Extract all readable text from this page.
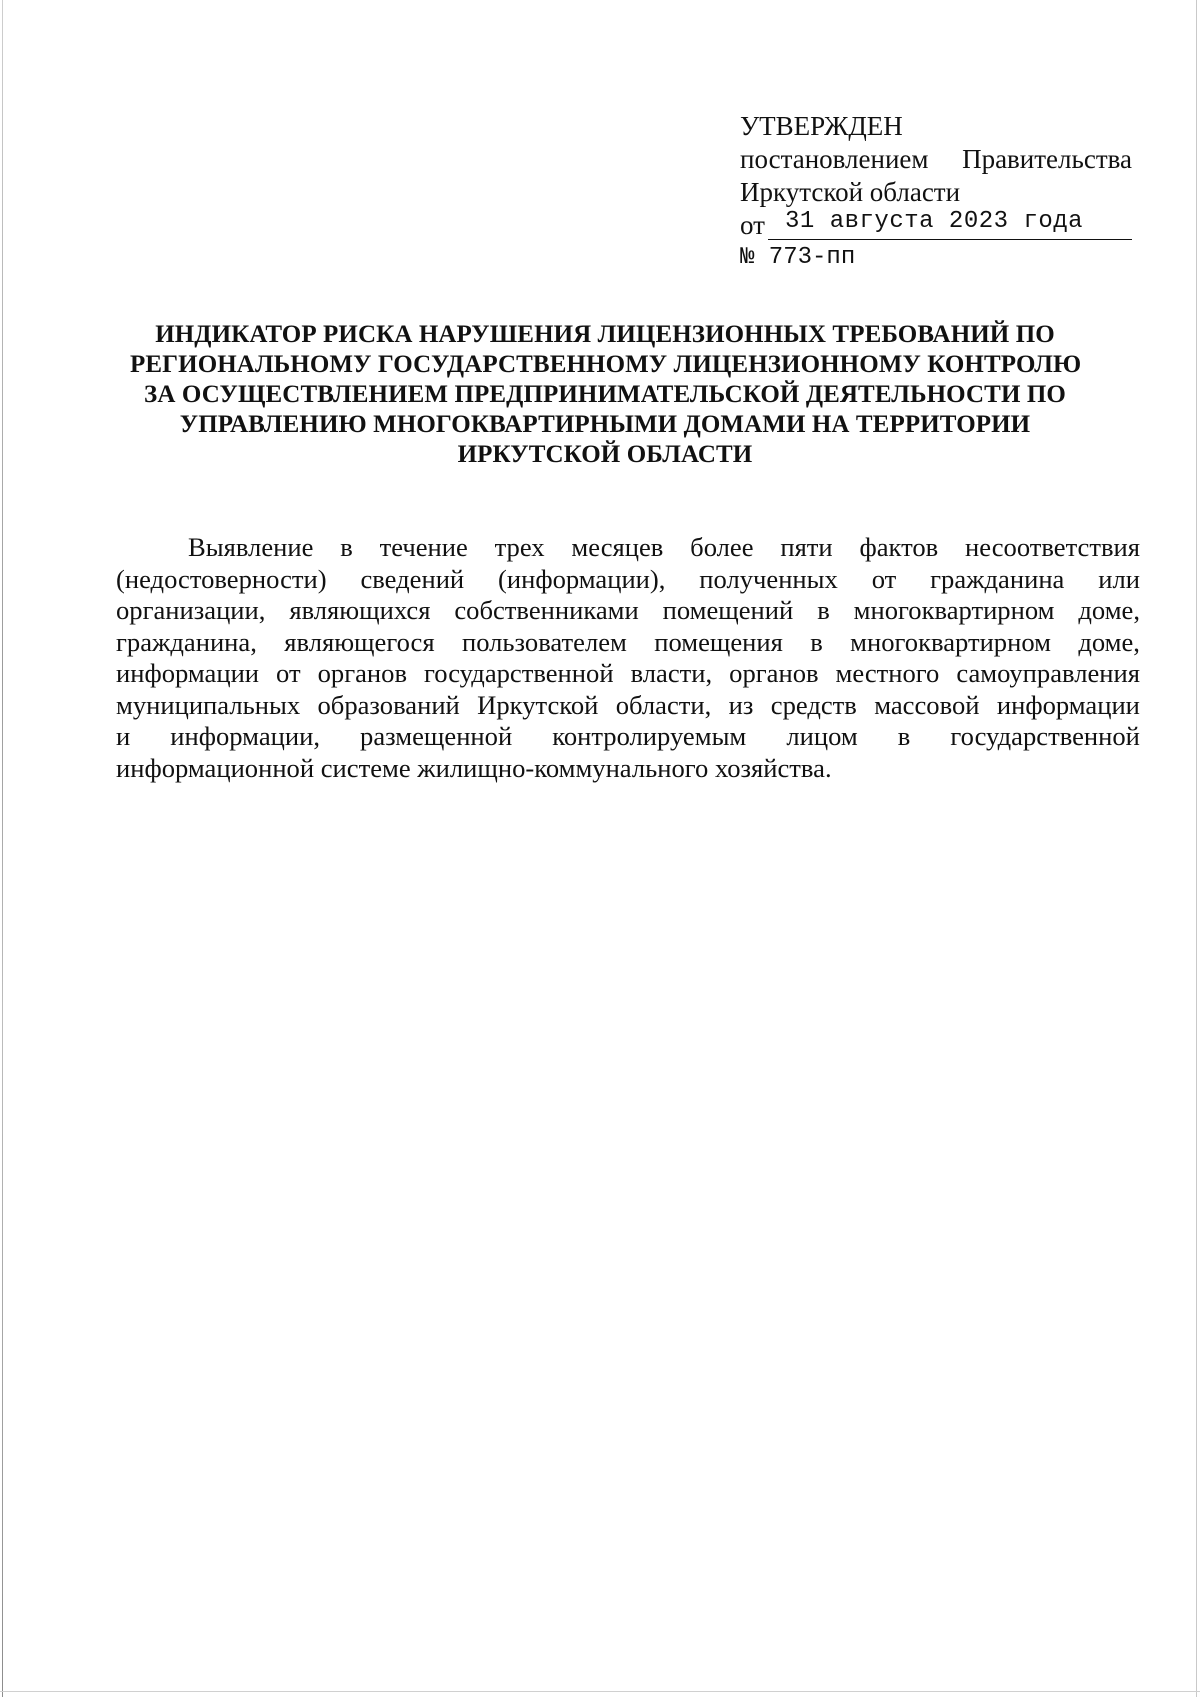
УТВЕРЖДЕН
постановлением Правительства
Иркутской области
от 31 августа 2023 года
№ 773-пп
ИНДИКАТОР РИСКА НАРУШЕНИЯ ЛИЦЕНЗИОННЫХ ТРЕБОВАНИЙ ПО
РЕГИОНАЛЬНОМУ ГОСУДАРСТВЕННОМУ ЛИЦЕНЗИОННОМУ КОНТРОЛЮ
ЗА ОСУЩЕСТВЛЕНИЕМ ПРЕДПРИНИМАТЕЛЬСКОЙ ДЕЯТЕЛЬНОСТИ ПО
УПРАВЛЕНИЮ МНОГОКВАРТИРНЫМИ ДОМАМИ НА ТЕРРИТОРИИ
ИРКУТСКОЙ ОБЛАСТИ
Выявление в течение трех месяцев более пяти фактов несоответствия
(недостоверности) сведений (информации), полученных от гражданина или
организации, являющихся собственниками помещений в многоквартирном доме,
гражданина, являющегося пользователем помещения в многоквартирном доме,
информации от органов государственной власти, органов местного самоуправления
муниципальных образований Иркутской области, из средств массовой информации
и информации, размещенной контролируемым лицом в государственной
информационной системе жилищно-коммунального хозяйства.
